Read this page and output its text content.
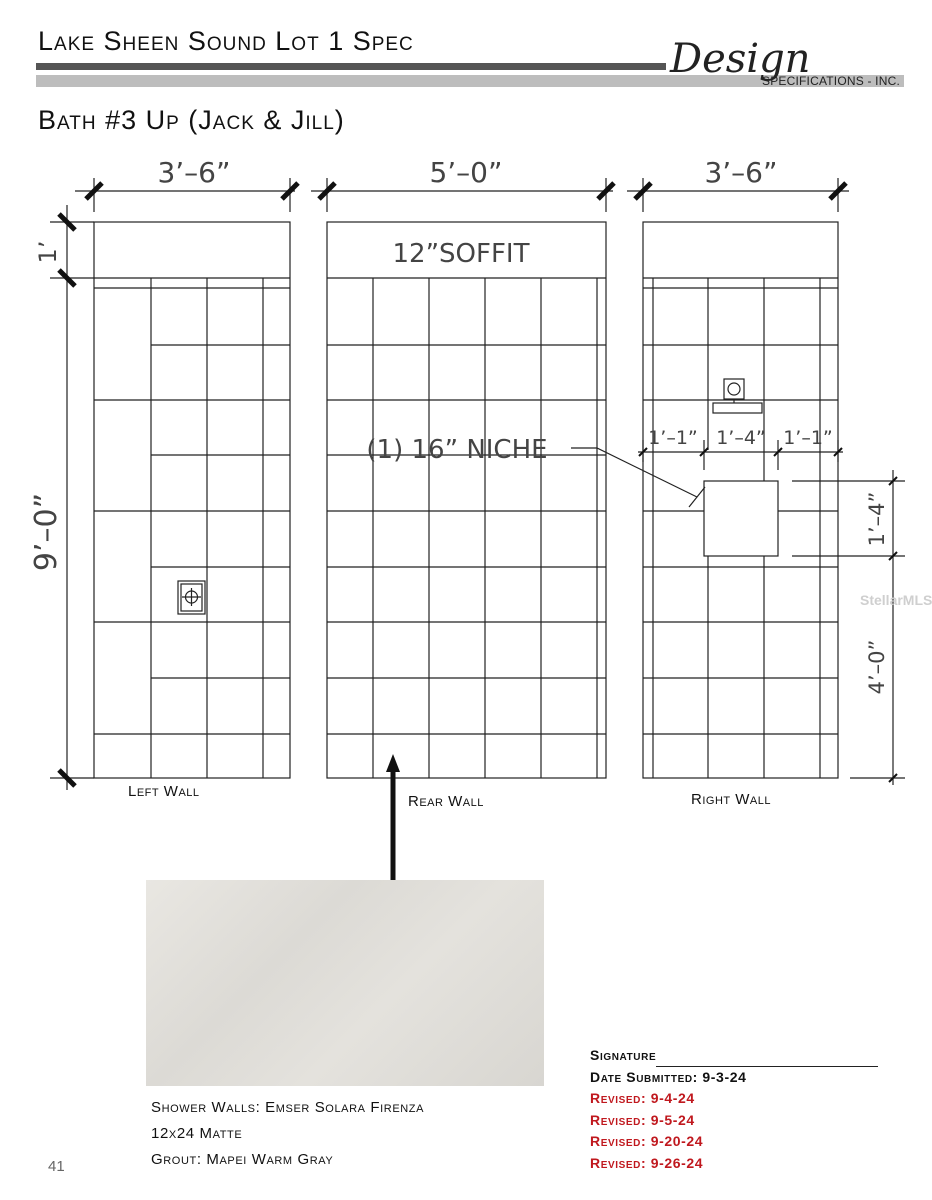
Lake Sheen Sound Lot 1 Spec	Design
SPECIFICATIONS - INC.
Bath #3 Up (Jack & Jill)
3’–6”	5’–0”	3’–6”
12”SOFFIT
(1) 16” NICHE
1’
9’–0”
1’–1” 1’–4” 1’–1”
1’–4”
4’–0”
Left Wall
Rear Wall	Right Wall
StellarMLS
Shower Walls: Emser Solara Firenza
12x24 Matte
Grout: Mapei Warm Gray
Signature
Date Submitted: 9-3-24
Revised: 9-4-24
Revised: 9-5-24
Revised: 9-20-24
Revised: 9-26-24
41
